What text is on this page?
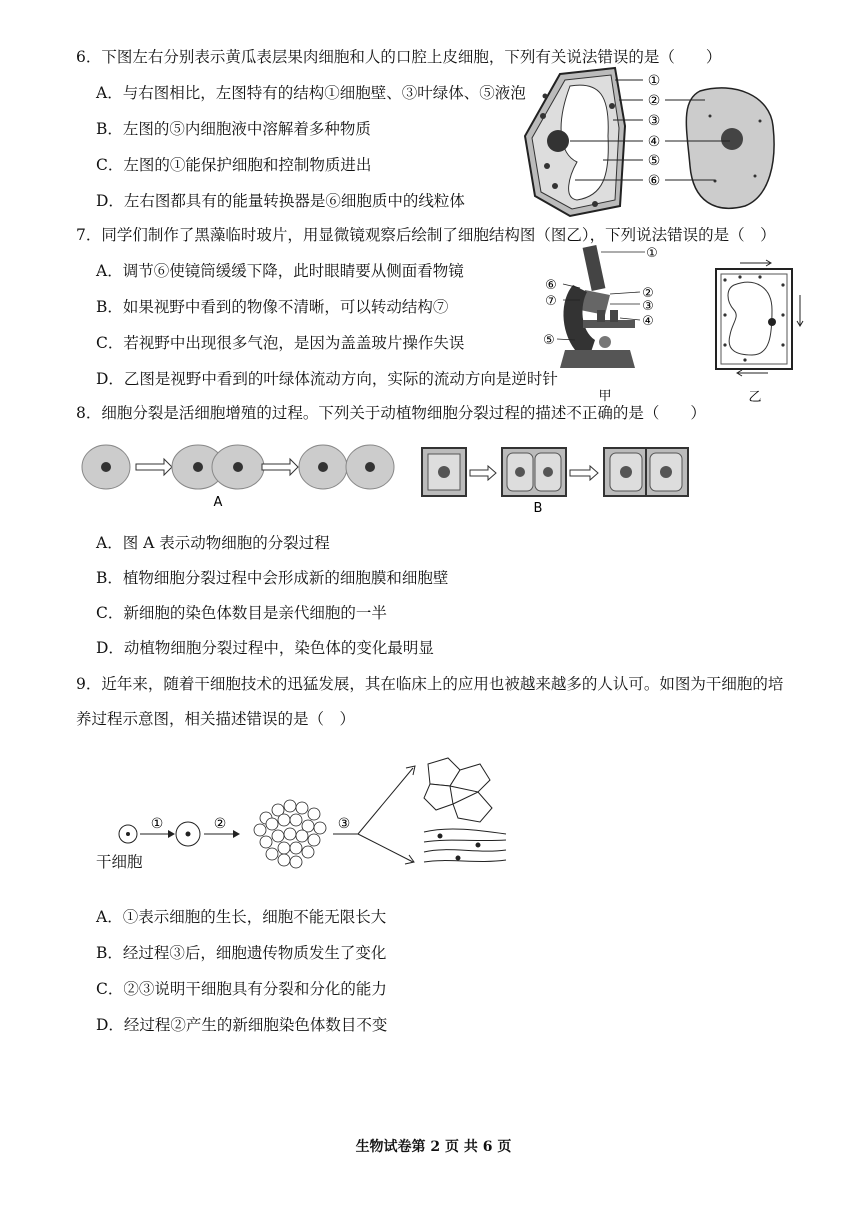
6．下图左右分别表示黄瓜表层果肉细胞和人的口腔上皮细胞，下列有关说法错误的是（　　）
A．与右图相比，左图特有的结构①细胞壁、③叶绿体、⑤液泡
B．左图的⑤内细胞液中溶解着多种物质
C．左图的①能保护细胞和控制物质进出
D．左右图都具有的能量转换器是⑥细胞质中的线粒体
①
②
③
④
⑤
⑥
7．同学们制作了黑藻临时玻片，用显微镜观察后绘制了细胞结构图（图乙），下列说法错误的是（　）
A．调节⑥使镜筒缓缓下降，此时眼睛要从侧面看物镜
B．如果视野中看到的物像不清晰，可以转动结构⑦
C．若视野中出现很多气泡，是因为盖盖玻片操作失误
D．乙图是视野中看到的叶绿体流动方向，实际的流动方向是逆时针
①
⑥
⑦
②
③
④
⑤
甲	乙
8．细胞分裂是活细胞增殖的过程。下列关于动植物细胞分裂过程的描述不正确的是（　　）
A	B
A．图 A 表示动物细胞的分裂过程
B．植物细胞分裂过程中会形成新的细胞膜和细胞壁
C．新细胞的染色体数目是亲代细胞的一半
D．动植物细胞分裂过程中，染色体的变化最明显
9．近年来，随着干细胞技术的迅猛发展，其在临床上的应用也被越来越多的人认可。如图为干细胞的培
养过程示意图，相关描述错误的是（　）
①	②	③
干细胞
A．①表示细胞的生长，细胞不能无限长大
B．经过程③后，细胞遗传物质发生了变化
C．②③说明干细胞具有分裂和分化的能力
D．经过程②产生的新细胞染色体数目不变
生物试卷第 2 页 共 6 页
